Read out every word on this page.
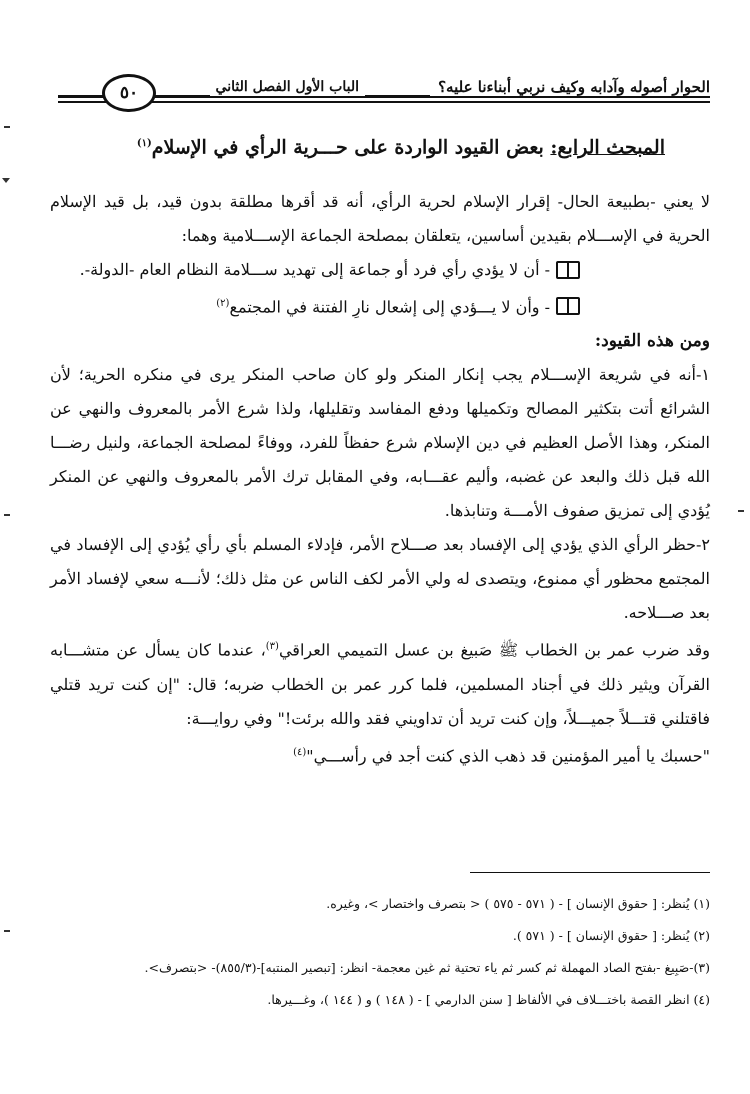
الحوار أصوله وآدابه وكيف نربي أبناءنا عليه؟
الباب الأول الفصل الثاني
٥٠
المبحث الرابع: بعض القيود الواردة على حـــرية الرأي في الإسلام$^{(١)}$

لا يعني -بطبيعة الحال- إقرار الإسلام لحرية الرأي، أنه قد أقرها مطلقة بدون قيد، بل قيد الإسلام الحرية في الإســـلام بقيدين أساسين، يتعلقان بمصلحة الجماعة الإســـلامية وهما:

- أن لا يؤدي رأي فرد أو جماعة إلى تهديد ســـلامة النظام العام -الدولة-.
- وأن لا يـــؤدي إلى إشعال نارِ الفتنة في المجتمع$^{(٢)}$

ومن هذه القيود:

١-أنه في شريعة الإســـلام يجب إنكار المنكر ولو كان صاحب المنكر يرى في منكره الحرية؛ لأن الشرائع أتت بتكثير المصالح وتكميلها ودفع المفاسد وتقليلها، ولذا شرع الأمر بالمعروف والنهي عن المنكر، وهذا الأصل العظيم في دين الإسلام شرع حفظاً للفرد، ووفاءً لمصلحة الجماعة، ولنيل رضـــا الله قبل ذلك والبعد عن غضبه، وأليم عقـــابه، وفي المقابل ترك الأمر بالمعروف والنهي عن المنكر يُؤدي إلى تمزيق صفوف الأمـــة وتنابذها.

٢-حظر الرأي الذي يؤدي إلى الإفساد بعد صـــلاح الأمر، فإدلاء المسلم بأي رأي يُؤدي إلى الإفساد في المجتمع محظور أي ممنوع، ويتصدى له ولي الأمر لكف الناس عن مثل ذلك؛ لأنـــه سعي لإفساد الأمر بعد صـــلاحه.

وقد ضرب عمر بن الخطاب ﷺ صَبيغ بن عسل التميمي العراقي$^{(٣)}$، عندما كان يسأل عن متشـــابه القرآن ويثير ذلك في أجناد المسلمين، فلما كرر عمر بن الخطاب ضربه؛ قال: "إن كنت تريد قتلي فاقتلني قتـــلاً جميـــلاً، وإن كنت تريد أن تداويني فقد والله برئت!" وفي روايـــة:

"حسبك يا أمير المؤمنين قد ذهب الذي كنت أجد في رأســـي"$^{(٤)}$

(١) يُنظر: [ حقوق الإنسان ] - ( ٥٧١ - ٥٧٥ ) < بتصرف واختصار >، وغيره.
(٢) يُنظر: [ حقوق الإنسان ] - ( ٥٧١ ).
(٣)-صَبِيغ -بفتح الصاد المهملة ثم كسر ثم ياء تحتية ثم غين معجمة- انظر: [تبصير المنتبه]-(٨٥٥/٣)- <بتصرف>.
(٤) انظر القصة باختـــلاف في الألفاظ [ سنن الدارمي ] - ( ١٤٨ ) و ( ١٤٤ )، وغـــيرها.
